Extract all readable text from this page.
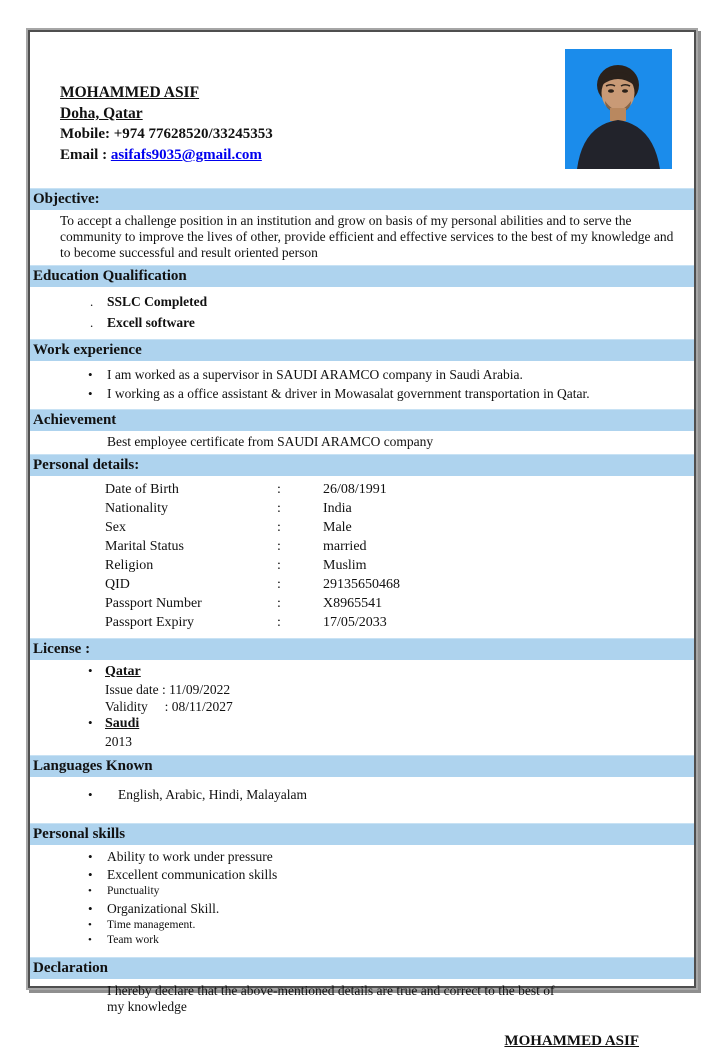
MOHAMMED ASIF
Doha, Qatar
Mobile: +974 77628520/33245353
Email : asifafs9035@gmail.com
Objective:
To accept a challenge position in an institution and grow on basis of my personal abilities and to serve the community to improve the lives of other, provide efficient and effective services to the best of my knowledge and to become successful and result oriented person
Education Qualification
. SSLC Completed
. Excell software
Work experience
• I am worked as a supervisor in SAUDI ARAMCO company in Saudi Arabia.
• I working as a office assistant & driver in Mowasalat government transportation in Qatar.
Achievement
Best employee certificate from SAUDI ARAMCO company
Personal details:
Date of Birth	:	26/08/1991
Nationality	:	India
Sex	:	Male
Marital Status	:	married
Religion	:	Muslim
QID	:	29135650468
Passport Number	:	X8965541
Passport Expiry	:	17/05/2033
License :
• Qatar
Issue date : 11/09/2022
Validity     : 08/11/2027
• Saudi
2013
Languages Known
• English, Arabic, Hindi, Malayalam
Personal skills
• Ability to work under pressure
• Excellent communication skills
• Punctuality
• Organizational Skill.
• Time management.
• Team work
Declaration
I hereby declare that the above-mentioned details are true and correct to the best of my knowledge
MOHAMMED ASIF
